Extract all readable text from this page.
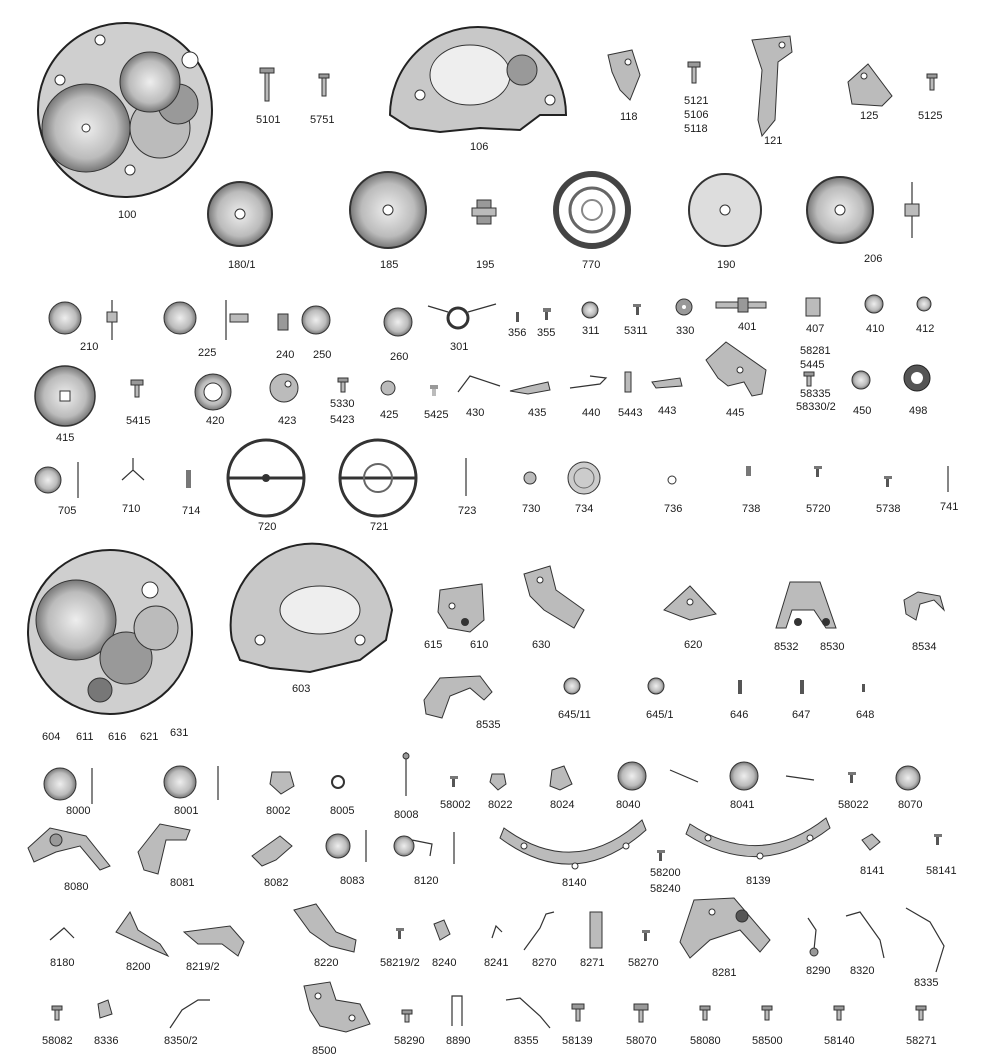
100
5101	5751
106
118
5121
5106
5118
121
125	5125
180/1	185	195	770	190	206
210	225	240 250	260
301
356 355 311 5311	330	401	407	410	412
415
5415	420	423
5330
5423 425 5425 430	435	440 5443 443	445
58281
5445
58335
58330/2 450	498
705	710	714
720	721
723	730	734	736	738	5720	5738	741
604 611 616 621 631
603
615	610	630	620	8532 8530	8534
8535
645/11	645/1	646	647	648
8000	8001	8002	8005	8008
58002 8022	8024	8040	8041	58022	8070
8080	8081	8082	8083	8120	8140
58200
58240
8139
8141	58141
8180	8200	8219/2	8220	58219/2 8240	8241 8270 8271 58270
8281	8290 8320
8335
58082 8336	8350/2
8500
58290 8890	8355 58139	58070	58080	58500	58140	58271
